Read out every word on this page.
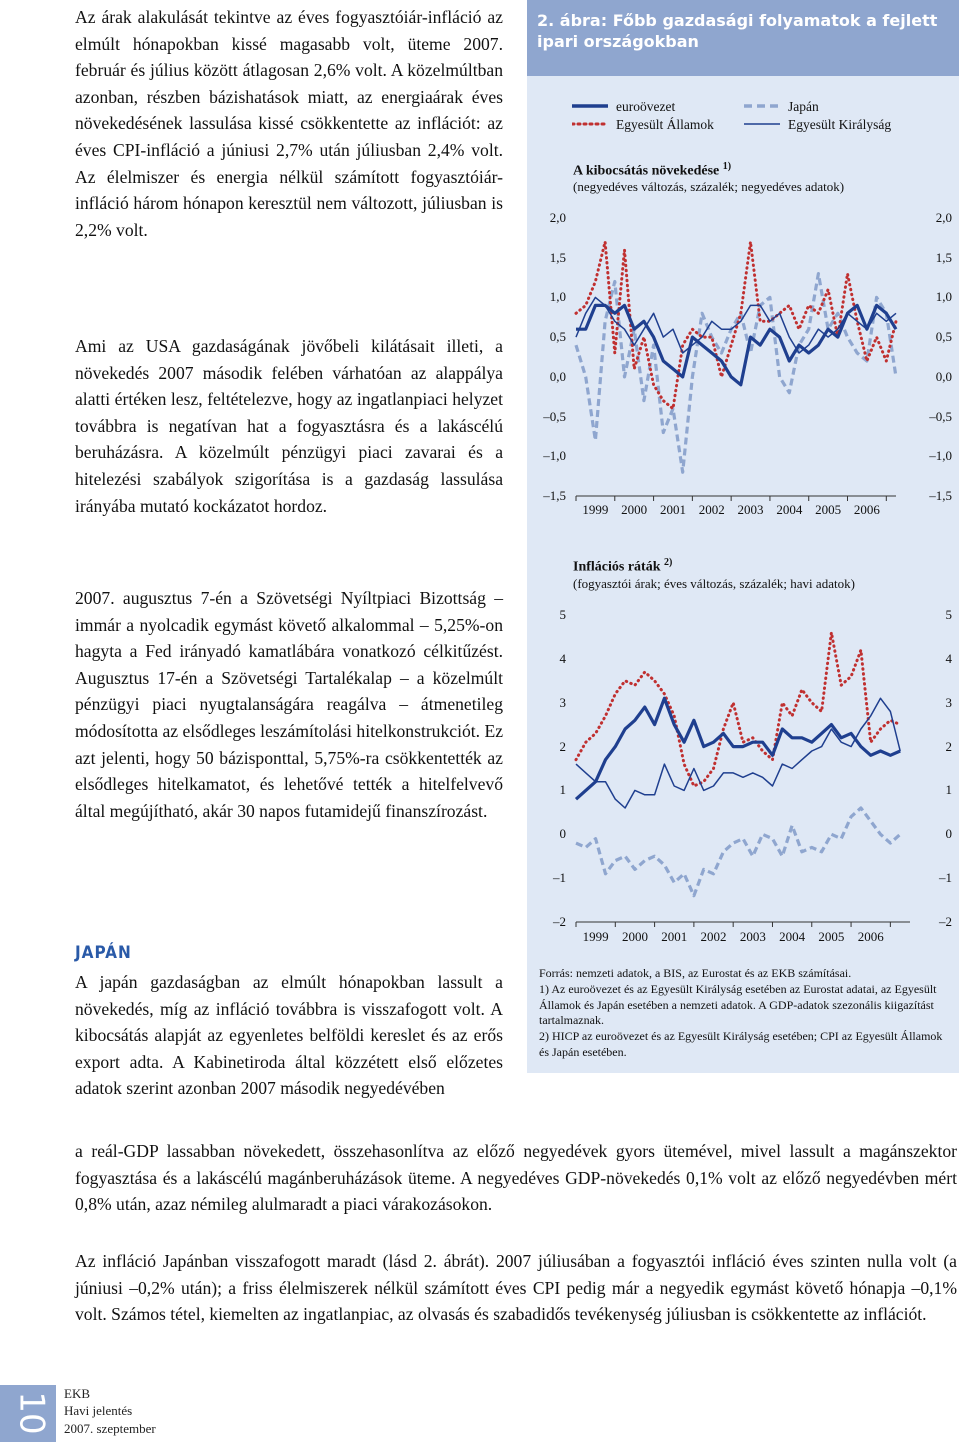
Az árak alakulását tekintve az éves fogyasztóiár-infláció az elmúlt hónapokban kissé magasabb volt, üteme 2007. február és július között átlagosan 2,6% volt. A közelmúltban azonban, részben bázishatások miatt, az energiaárak éves növekedésének lassulása kissé csökkentette az inflációt: az éves CPI-infláció a júniusi 2,7% után júliusban 2,4% volt. Az élelmiszer és energia nélkül számított fogyasztóiár-infláció három hónapon keresztül nem változott, júliusban is 2,2% volt.

Ami az USA gazdaságának jövőbeli kilátásait illeti, a növekedés 2007 második felében várhatóan az alappálya alatti értéken lesz, feltételezve, hogy az ingatlanpiaci helyzet továbbra is negatívan hat a fogyasztásra és a lakáscélú beruházásra. A közelmúlt pénzügyi piaci zavarai és a hitelezési szabályok szigorítása is a gazdaság lassulása irányába mutató kockázatot hordoz.

2007. augusztus 7-én a Szövetségi Nyíltpiaci Bizottság – immár a nyolcadik egymást követő alkalommal – 5,25%-on hagyta a Fed irányadó kamatlábára vonatkozó célkitűzést. Augusztus 17-én a Szövetségi Tartalékalap – a közelmúlt pénzügyi piaci nyugtalanságára reagálva – átmenetileg módosította az elsődleges leszámítolási hitelkonstrukciót. Ez azt jelenti, hogy 50 bázisponttal, 5,75%-ra csökkentették az elsődleges hitelkamatot, és lehetővé tették a hitelfelvevő által megújítható, akár 30 napos futamidejű finanszírozást.

JAPÁN

A japán gazdaságban az elmúlt hónapokban lassult a növekedés, míg az infláció továbbra is visszafogott volt. A kibocsátás alapját az egyenletes belföldi kereslet és az erős export adta. A Kabinetiroda által közzétett első előzetes adatok szerint azonban 2007 második negyedévében

a reál-GDP lassabban növekedett, összehasonlítva az előző negyedévek gyors ütemével, mivel lassult a magánszektor fogyasztása és a lakáscélú magánberuházások üteme. A negyedéves GDP-növekedés 0,1% volt az előző negyedévben mért 0,8% után, azaz némileg alulmaradt a piaci várakozásokon.

Az infláció Japánban visszafogott maradt (lásd 2. ábrát). 2007 júliusában a fogyasztói infláció éves szinten nulla volt (a júniusi –0,2% után); a friss élelmiszerek nélkül számított éves CPI pedig már a negyedik egymást követő hónapja –0,1% volt. Számos tétel, kiemelten az ingatlanpiac, az olvasás és szabadidős tevékenység júliusban is csökkentette az inflációt.

2. ábra: Főbb gazdasági folyamatok a fejlett ipari országokban

euroövezet
Egyesült Államok
Japán
Egyesült Királyság

A kibocsátás növekedése $^{1)}$

(negyedéves változás, százalék; negyedéves adatok)

2,0
1,5
1,0
0,5
0,0
–0,5
–1,0
–1,5
2,0
1,5
1,0
0,5
0,0
–0,5
–1,0
–1,5
1999 2000 2001 2002 2003 2004 2005 2006

Inflációs ráták $^{2)}$

(fogyasztói árak; éves változás, százalék; havi adatok)

5
4
3
2
1
0
–1
–2
5
4
3
2
1
0
–1
–2
1999 2000 2001 2002 2003 2004 2005 2006

Forrás: nemzeti adatok, a BIS, az Eurostat és az EKB számításai.

1) Az euroövezet és az Egyesült Királyság esetében az Eurostat adatai, az Egyesült Államok és Japán esetében a nemzeti adatok. A GDP-adatok szezonális kiigazítást tartalmaznak.

2) HICP az euroövezet és az Egyesült Királyság esetében; CPI az Egyesült Államok és Japán esetében.

10 EKB
Havi jelentés
2007. szeptember
